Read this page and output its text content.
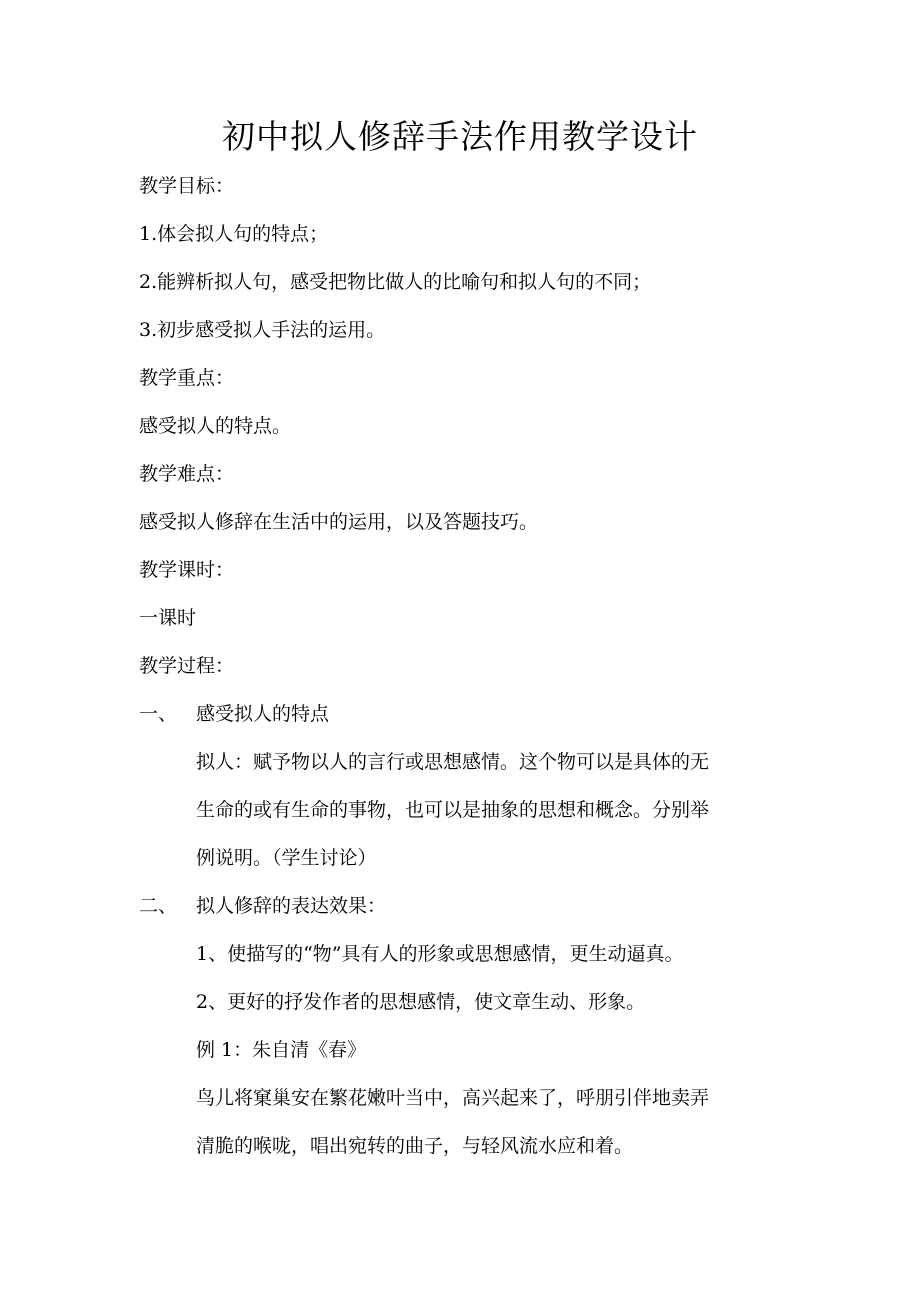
初中拟人修辞手法作用教学设计
教学目标：
1.体会拟人句的特点；
2.能辨析拟人句，感受把物比做人的比喻句和拟人句的不同；
3.初步感受拟人手法的运用。
教学重点：
感受拟人的特点。
教学难点：
感受拟人修辞在生活中的运用，以及答题技巧。
教学课时：
一课时
教学过程：
一、 感受拟人的特点
拟人：赋予物以人的言行或思想感情。这个物可以是具体的无
生命的或有生命的事物，也可以是抽象的思想和概念。分别举
例说明。（学生讨论）
二、 拟人修辞的表达效果：
1、使描写的“物”具有人的形象或思想感情，更生动逼真。
2、更好的抒发作者的思想感情，使文章生动、形象。
例 1：朱自清《春》
鸟儿将窠巢安在繁花嫩叶当中，高兴起来了，呼朋引伴地卖弄
清脆的喉咙，唱出宛转的曲子，与轻风流水应和着。
